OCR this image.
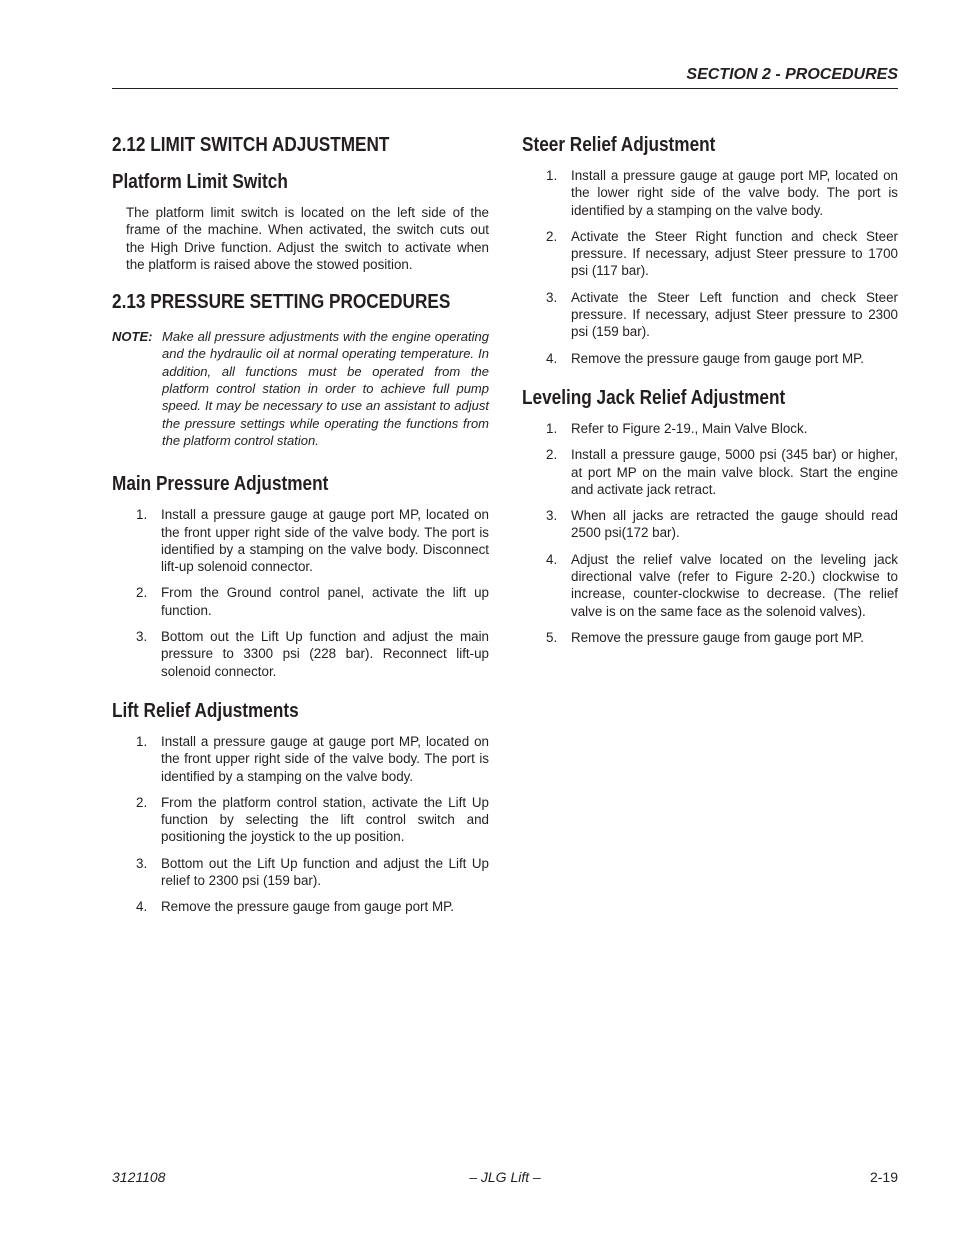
SECTION 2 - PROCEDURES
2.12 LIMIT SWITCH ADJUSTMENT
Platform Limit Switch

The platform limit switch is located on the left side of the frame of the machine. When activated, the switch cuts out the High Drive function. Adjust the switch to activate when the platform is raised above the stowed position.

2.13 PRESSURE SETTING PROCEDURES
NOTE: Make all pressure adjustments with the engine operating and the hydraulic oil at normal operating temperature. In addition, all functions must be operated from the platform control station in order to achieve full pump speed. It may be necessary to use an assistant to adjust the pressure settings while operating the functions from the platform control station.
Main Pressure Adjustment
1.	Install a pressure gauge at gauge port MP, located on the front upper right side of the valve body. The port is identified by a stamping on the valve body. Disconnect lift-up solenoid connector.
2.	From the Ground control panel, activate the lift up function.
3.	Bottom out the Lift Up function and adjust the main pressure to 3300 psi (228 bar). Reconnect lift-up solenoid connector.
Lift Relief Adjustments
1.	Install a pressure gauge at gauge port MP, located on the front upper right side of the valve body. The port is identified by a stamping on the valve body.
2.	From the platform control station, activate the Lift Up function by selecting the lift control switch and positioning the joystick to the up position.
3.	Bottom out the Lift Up function and adjust the Lift Up relief to 2300 psi (159 bar).
4.	Remove the pressure gauge from gauge port MP.
Steer Relief Adjustment
1.	Install a pressure gauge at gauge port MP, located on the lower right side of the valve body. The port is identified by a stamping on the valve body.
2.	Activate the Steer Right function and check Steer pressure. If necessary, adjust Steer pressure to 1700 psi (117 bar).
3.	Activate the Steer Left function and check Steer pressure. If necessary, adjust Steer pressure to 2300 psi (159 bar).
4.	Remove the pressure gauge from gauge port MP.
Leveling Jack Relief Adjustment
1.	Refer to Figure 2-19., Main Valve Block.
2.	Install a pressure gauge, 5000 psi (345 bar) or higher, at port MP on the main valve block. Start the engine and activate jack retract.
3.	When all jacks are retracted the gauge should read 2500 psi(172 bar).
4.	Adjust the relief valve located on the leveling jack directional valve (refer to Figure 2-20.) clockwise to increase, counter-clockwise to decrease. (The relief valve is on the same face as the solenoid valves).
5.	Remove the pressure gauge from gauge port MP.
3121108	– JLG Lift –	2-19
